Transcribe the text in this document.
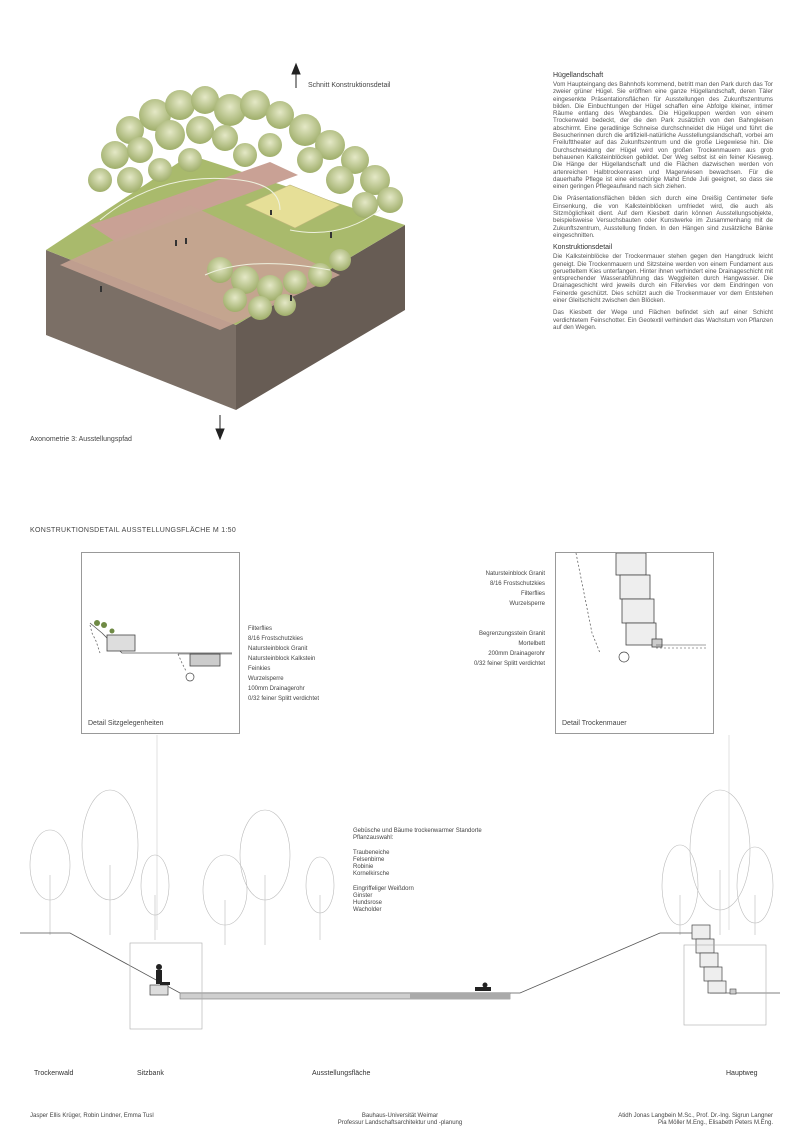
Schnitt Konstruktionsdetail
Axonometrie 3: Ausstellungspfad
Hügellandschaft

Vom Haupteingang des Bahnhofs kommend, betritt man den Park durch das Tor zweier grüner Hügel. Sie eröffnen eine ganze Hügellandschaft, deren Täler eingesenkte Präsentationsflächen für Ausstellungen des Zukunftszentrums bilden. Die Einbuchtungen der Hügel schaffen eine Abfolge kleiner, intimer Räume entlang des Wegbandes. Die Hügelkuppen werden von einem Trockenwald bedeckt, der die den Park zusätzlich von den Bahngleisen abschirmt. Eine geradlinige Schneise durchschneidet die Hügel und führt die Besucherinnen durch die artifiziell-natürliche Ausstellungslandschaft, vorbei am Freilufttheater auf das Zukunftszentrum und die große Liegewiese hin. Die Durchschneidung der Hügel wird von großen Trockenmauern aus grob behauenen Kalksteinblöcken gebildet. Der Weg selbst ist ein feiner Kiesweg. Die Hänge der Hügellandschaft und die Flächen dazwischen werden von artenreichen Halbtrockenrasen und Magerwiesen bewachsen. Für die dauerhafte Pflege ist eine einschürige Mahd Ende Juli geeignet, so dass sie einen geringen Pflegeaufwand nach sich ziehen.

Die Präsentationsflächen bilden sich durch eine Dreißig Centimeter tiefe Einsenkung, die von Kalksteinblöcken umfriedet wird, die auch als Sitzmöglichkeit dient. Auf dem Kiesbett darin können Ausstellungsobjekte, beispielsweise Versuchsbauten oder Kunstwerke im Zusammenhang mit de Zukunftszentrum, Ausstellung finden. In den Hängen sind zusätzliche Bänke eingeschnitten.

Konstruktionsdetail

Die Kalksteinblöcke der Trockenmauer stehen gegen den Hangdruck leicht geneigt. Die Trockenmauern und Sitzsteine werden von einem Fundament aus geruetteltem Kies unterfangen. Hinter ihnen verhindert eine Drainageschicht mit entsprechender Wasserabführung das Weggleiten durch Hangwasser. Die Drainageschicht wird jeweils durch ein Filtervlies vor dem Eindringen von Feinerde geschützt. Dies schützt auch die Trockenmauer vor dem Entstehen einer Gleitschicht zwischen den Blöcken.

Das Kiesbett der Wege und Flächen befindet sich auf einer Schicht verdichtetem Feinschotter. Ein Geotextil verhindert das Wachstum von Pflanzen auf den Wegen.

KONSTRUKTIONSDETAIL AUSSTELLUNGSFLÄCHE M 1:50
Detail Sitzgelegenheiten
Filterflies
8/16 Frostschutzkies
Natursteinblock Granit
Natursteinblock Kalkstein
Feinkies
Wurzelsperre
100mm Drainagerohr
0/32 feiner Splitt verdichtet
Detail Trockenmauer
Natursteinblock Granit
8/16 Frostschutzkies
Filterflies
Wurzelsperre
Begrenzungsstein Granit
Mortelbett
200mm Drainagerohr
0/32 feiner Splitt verdichtet
Gebüsche und Bäume trockenwarmer Standorte
Pflanzauswahl:
Traubeneiche
Felsenbirne
Robinie
Kornelkirsche
Eingriffeliger Weißdorn
Ginster
Hundsrose
Wacholder
Trockenwald	Sitzbank	Ausstellungsfläche	Hauptweg
Jasper Ellis Krüger, Robin Lindner, Emma Tusl	Bauhaus-Universität Weimar
Professur Landschaftsarchitektur und -planung
Atidh Jonas Langbein M.Sc., Prof. Dr.-Ing. Sigrun Langner
Pia Möller M.Eng., Elisabeth Peters M.Eng.
